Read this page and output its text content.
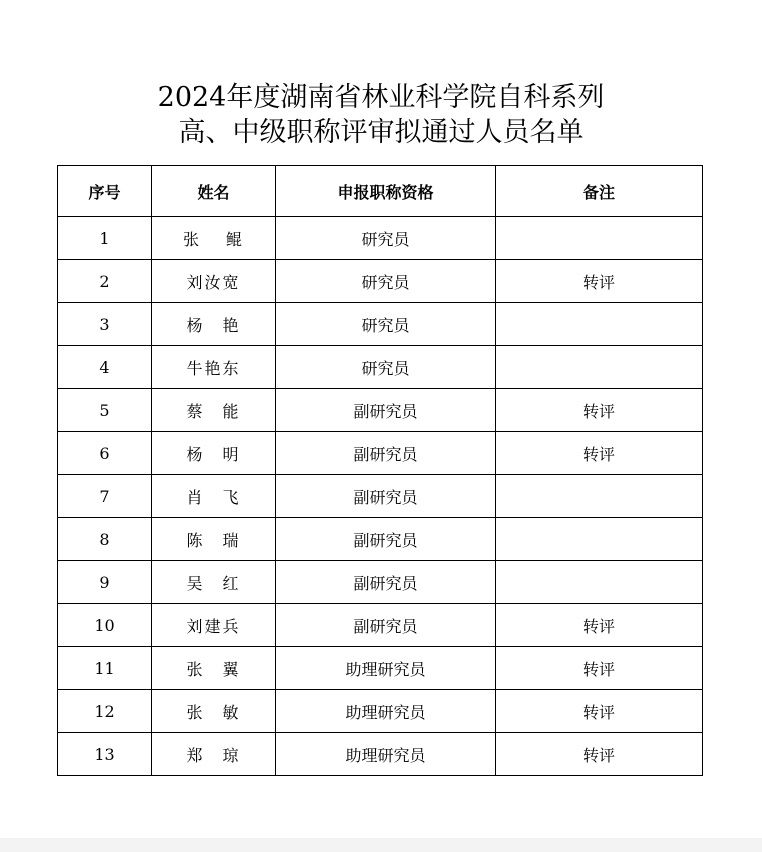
2024年度湖南省林业科学院自科系列
高、中级职称评审拟通过人员名单
序号	姓名	申报职称资格	备注
1	张　 鲲	研究员	
2	刘汝宽	研究员	转评
3	杨　艳	研究员	
4	牛艳东	研究员	
5	蔡　能	副研究员	转评
6	杨　明	副研究员	转评
7	肖　飞	副研究员	
8	陈　瑞	副研究员	
9	吴　红	副研究员	
10	刘建兵	副研究员	转评
11	张　翼	助理研究员	转评
12	张　敏	助理研究员	转评
13	郑　琼	助理研究员	转评
